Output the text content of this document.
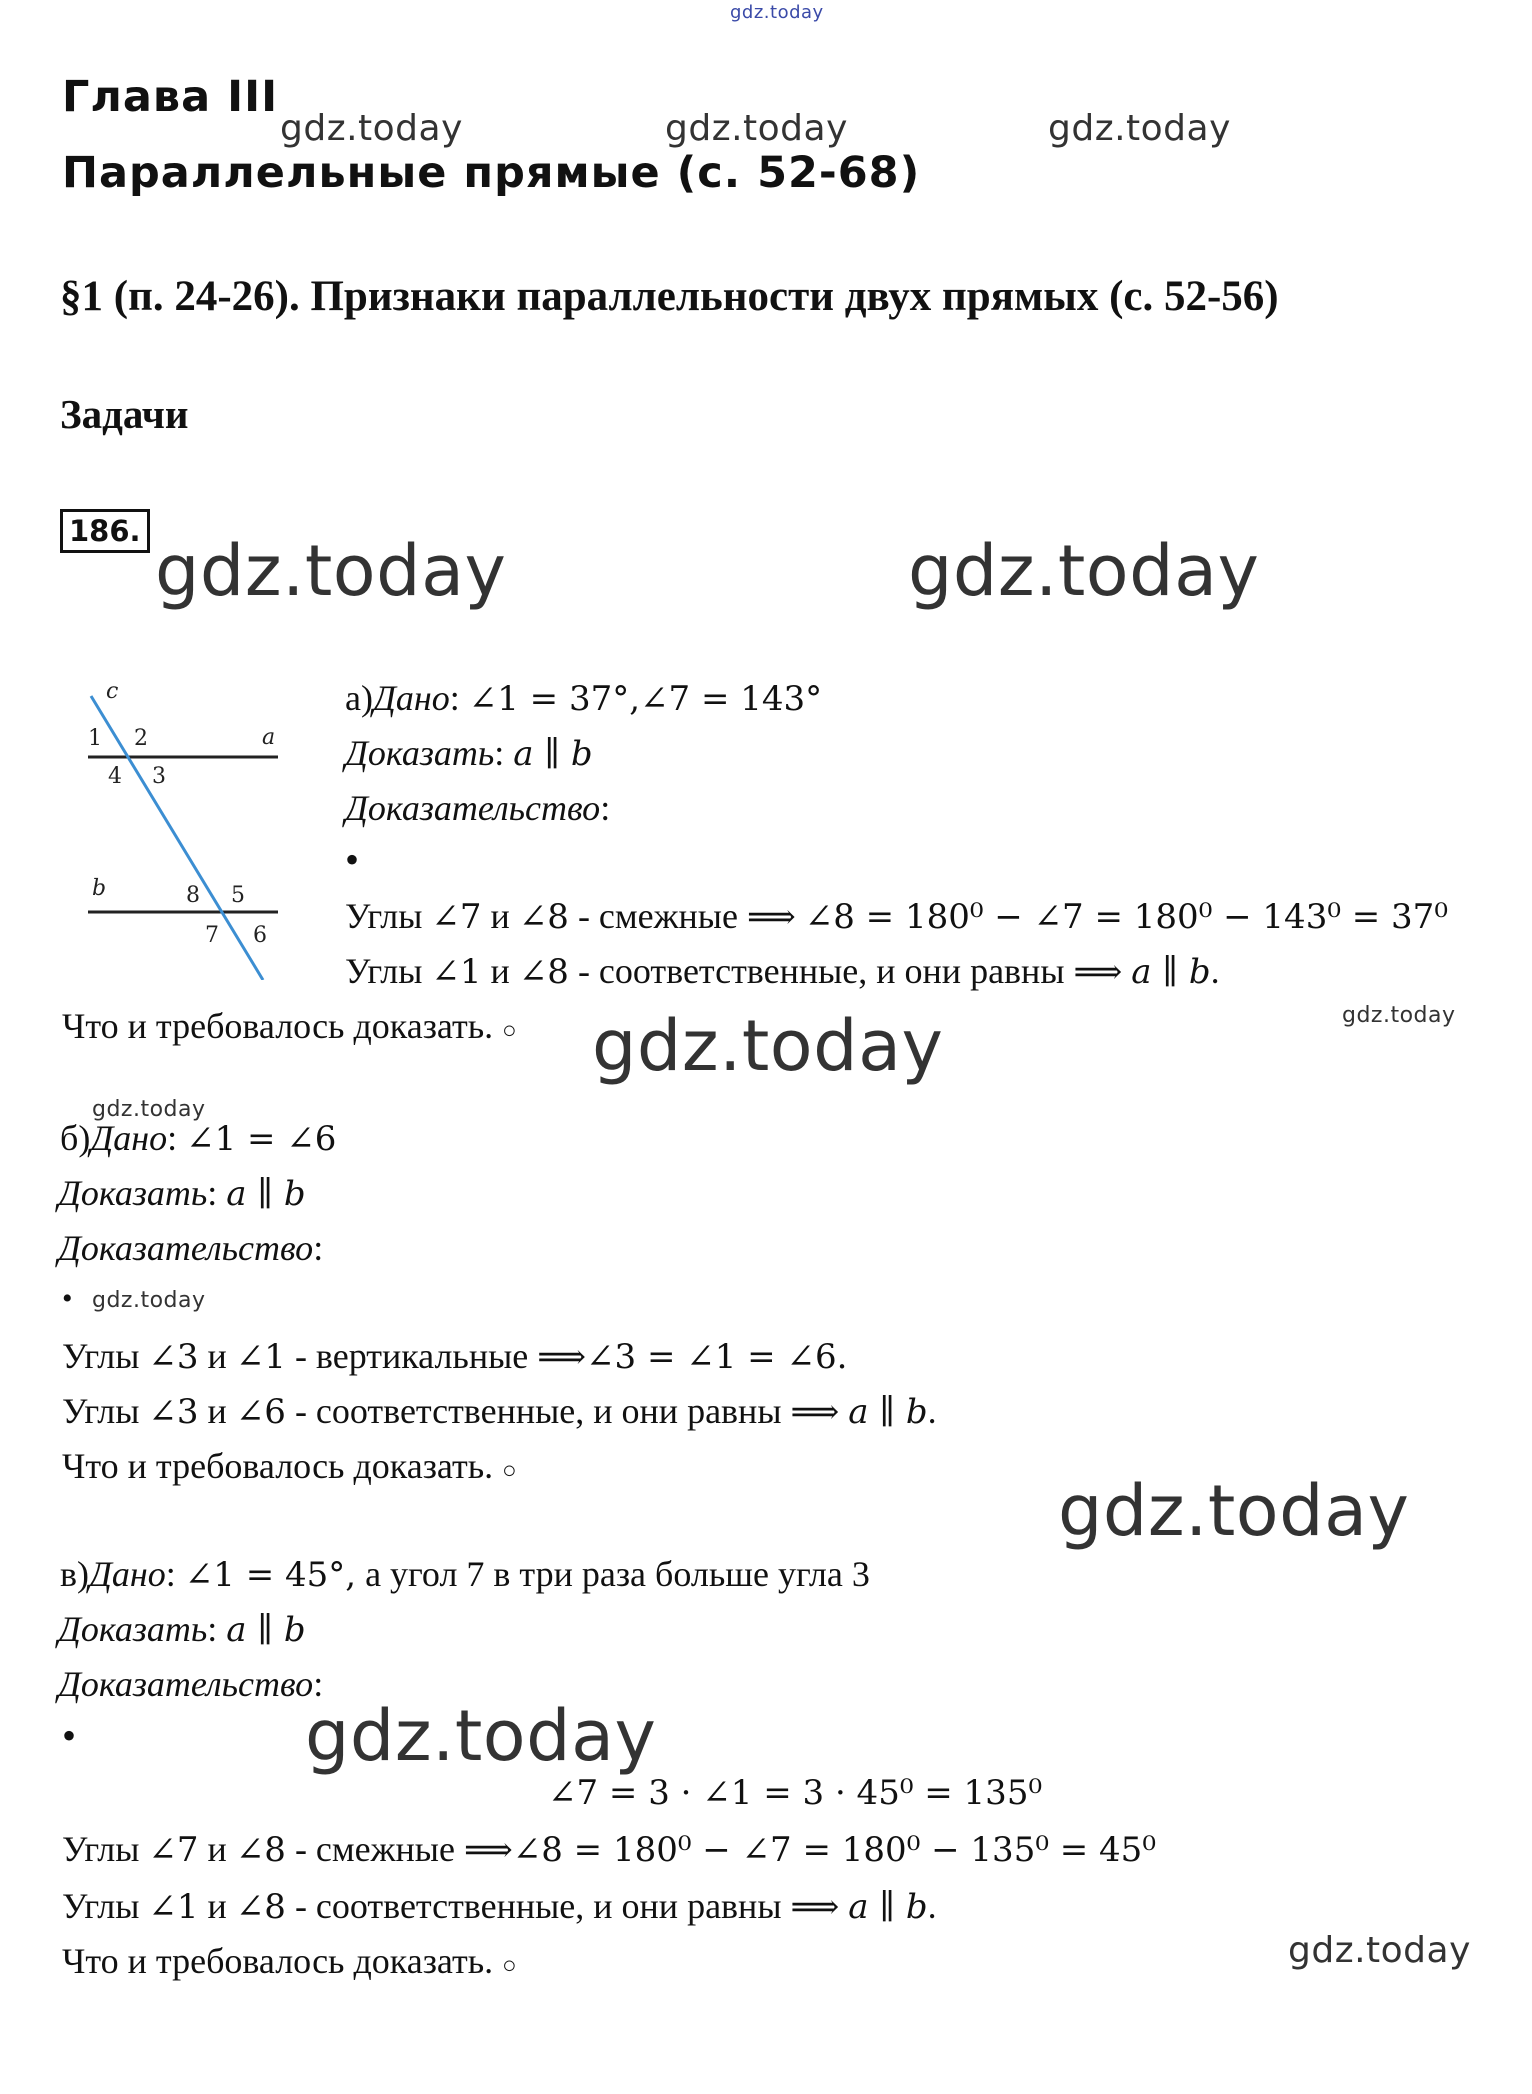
gdz.today
gdz.today	gdz.today	gdz.today
gdz.today	gdz.today
gdz.today	gdz.today
gdz.today
gdz.today
gdz.today
gdz.today
gdz.today
Глава III
Параллельные прямые (с. 52-68)
§1 (п. 24-26). Признаки параллельности двух прямых (с. 52-56)
Задачи
186.
c
a
b
1 2
3
4
5
6
7
8
а)Дано: ∠1 = 37°,∠7 = 143°
Доказать: a ∥ b
Доказательство:
•
Углы ∠7 и ∠8 - смежные ⟹ ∠8 = 180⁰ − ∠7 = 180⁰ − 143⁰ = 37⁰
Углы ∠1 и ∠8 - соответственные, и они равны ⟹ a ∥ b.
Что и требовалось доказать. ○
б)Дано: ∠1 = ∠6
Доказать: a ∥ b
Доказательство:
•
Углы ∠3 и ∠1 - вертикальные ⟹∠3 = ∠1 = ∠6.
Углы ∠3 и ∠6 - соответственные, и они равны ⟹ a ∥ b.
Что и требовалось доказать. ○
в)Дано: ∠1 = 45°, а угол 7 в три раза больше угла 3
Доказать: a ∥ b
Доказательство:
•
∠7 = 3 · ∠1 = 3 · 45⁰ = 135⁰
Углы ∠7 и ∠8 - смежные ⟹∠8 = 180⁰ − ∠7 = 180⁰ − 135⁰ = 45⁰
Углы ∠1 и ∠8 - соответственные, и они равны ⟹ a ∥ b.
Что и требовалось доказать. ○
